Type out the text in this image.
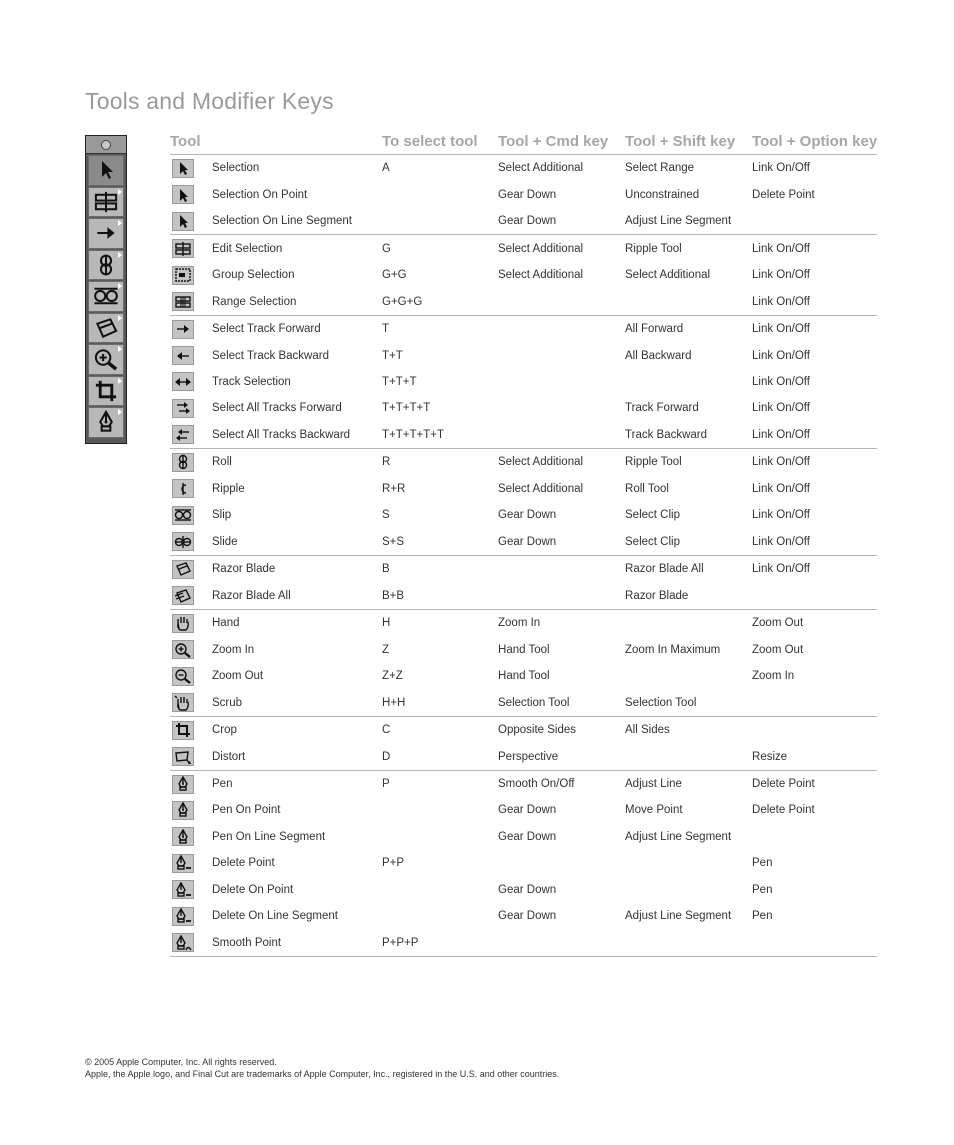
Tools and Modifier Keys
Tool		To select tool	Tool + Cmd key	Tool + Shift key	Tool + Option key

	Selection	A	Select Additional	Select Range	Link On/Off

	Selection On Point		Gear Down	Unconstrained	Delete Point

	Selection On Line Segment		Gear Down	Adjust Line Segment	

	Edit Selection	G	Select Additional	Ripple Tool	Link On/Off

	Group Selection	G+G	Select Additional	Select Additional	Link On/Off

	Range Selection	G+G+G			Link On/Off

	Select Track Forward	T		All Forward	Link On/Off

	Select Track Backward	T+T		All Backward	Link On/Off

	Track Selection	T+T+T			Link On/Off

	Select All Tracks Forward	T+T+T+T		Track Forward	Link On/Off

	Select All Tracks Backward	T+T+T+T+T		Track Backward	Link On/Off

	Roll	R	Select Additional	Ripple Tool	Link On/Off

	Ripple	R+R	Select Additional	Roll Tool	Link On/Off

	Slip	S	Gear Down	Select Clip	Link On/Off

	Slide	S+S	Gear Down	Select Clip	Link On/Off

	Razor Blade	B		Razor Blade All	Link On/Off

	Razor Blade All	B+B		Razor Blade	

	Hand	H	Zoom In		Zoom Out

	Zoom In	Z	Hand Tool	Zoom In Maximum	Zoom Out

	Zoom Out	Z+Z	Hand Tool		Zoom In

	Scrub	H+H	Selection Tool	Selection Tool	

	Crop	C	Opposite Sides	All Sides	

	Distort	D	Perspective		Resize

	Pen	P	Smooth On/Off	Adjust Line	Delete Point

	Pen On Point		Gear Down	Move Point	Delete Point

	Pen On Line Segment		Gear Down	Adjust Line Segment	

	Delete Point	P+P			Pen

	Delete On Point		Gear Down		Pen

	Delete On Line Segment		Gear Down	Adjust Line Segment	Pen

	Smooth Point	P+P+P			
© 2005 Apple Computer, Inc. All rights reserved.
Apple, the Apple logo, and Final Cut are trademarks of Apple Computer, Inc., registered in the U.S. and other countries.
